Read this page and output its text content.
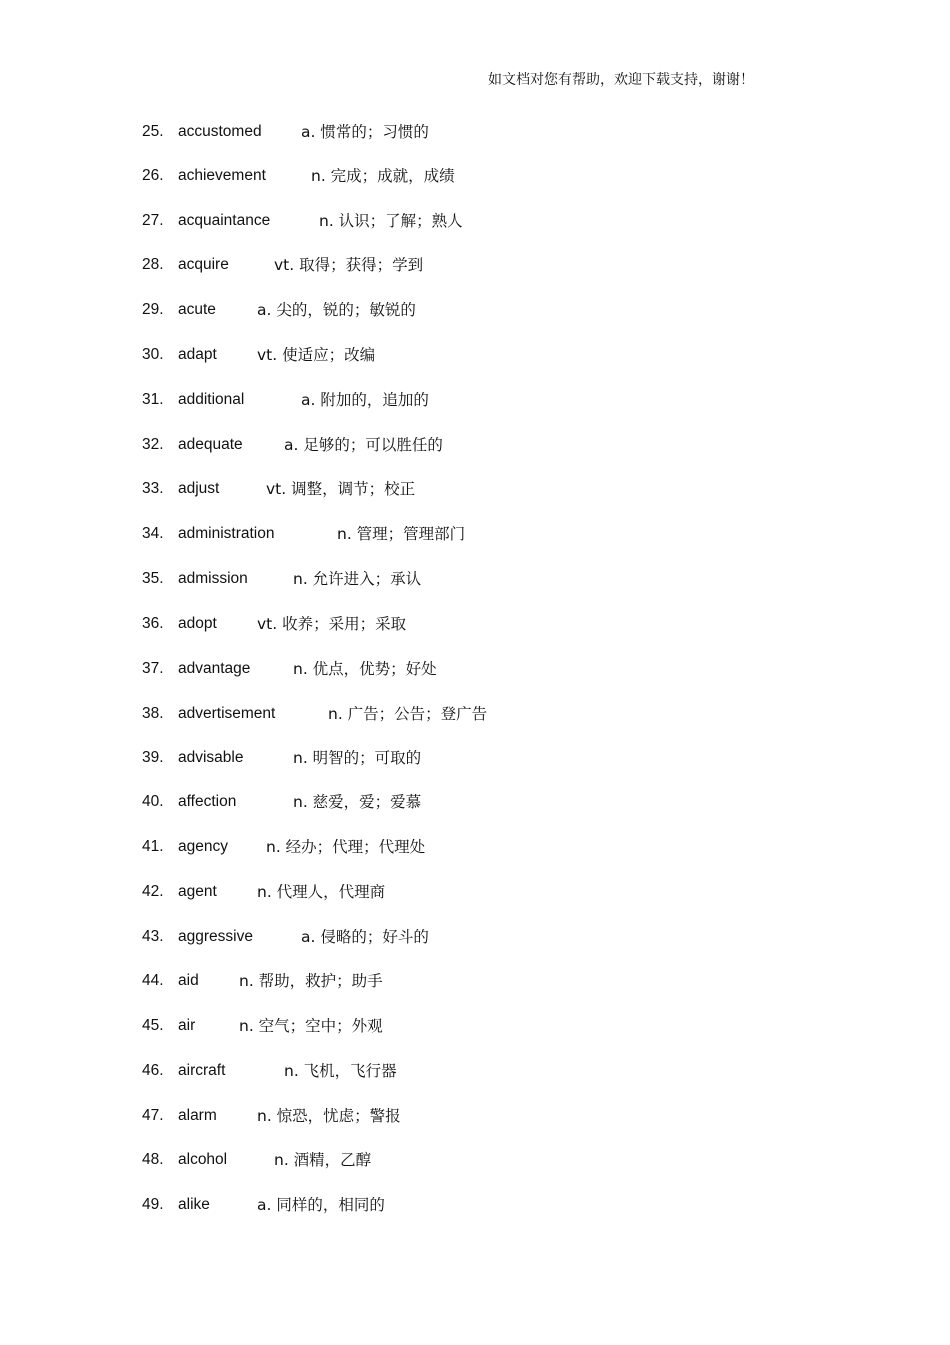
如文档对您有帮助，欢迎下载支持，谢谢！
25. accustomed	a. 惯常的；习惯的
26. achievement	n. 完成；成就，成绩
27. acquaintance	n. 认识；了解；熟人
28. acquire	vt. 取得；获得；学到
29. acute	a. 尖的，锐的；敏锐的
30. adapt	vt. 使适应；改编
31. additional	a. 附加的，追加的
32. adequate	a. 足够的；可以胜任的
33. adjust	vt. 调整，调节；校正
34. administration	n. 管理；管理部门
35. admission	n. 允许进入；承认
36. adopt	vt. 收养；采用；采取
37. advantage	n. 优点，优势；好处
38. advertisement	n. 广告；公告；登广告
39. advisable	n. 明智的；可取的
40. affection	n. 慈爱，爱；爱慕
41. agency n. 经办；代理；代理处
42. agent	n. 代理人，代理商
43. aggressive	a. 侵略的；好斗的
44. aid	n. 帮助，救护；助手
45. air	n. 空气；空中；外观
46. aircraft	n. 飞机，飞行器
47. alarm	n. 惊恐，忧虑；警报
48. alcohol	n. 酒精，乙醇
49. alike	a. 同样的，相同的
